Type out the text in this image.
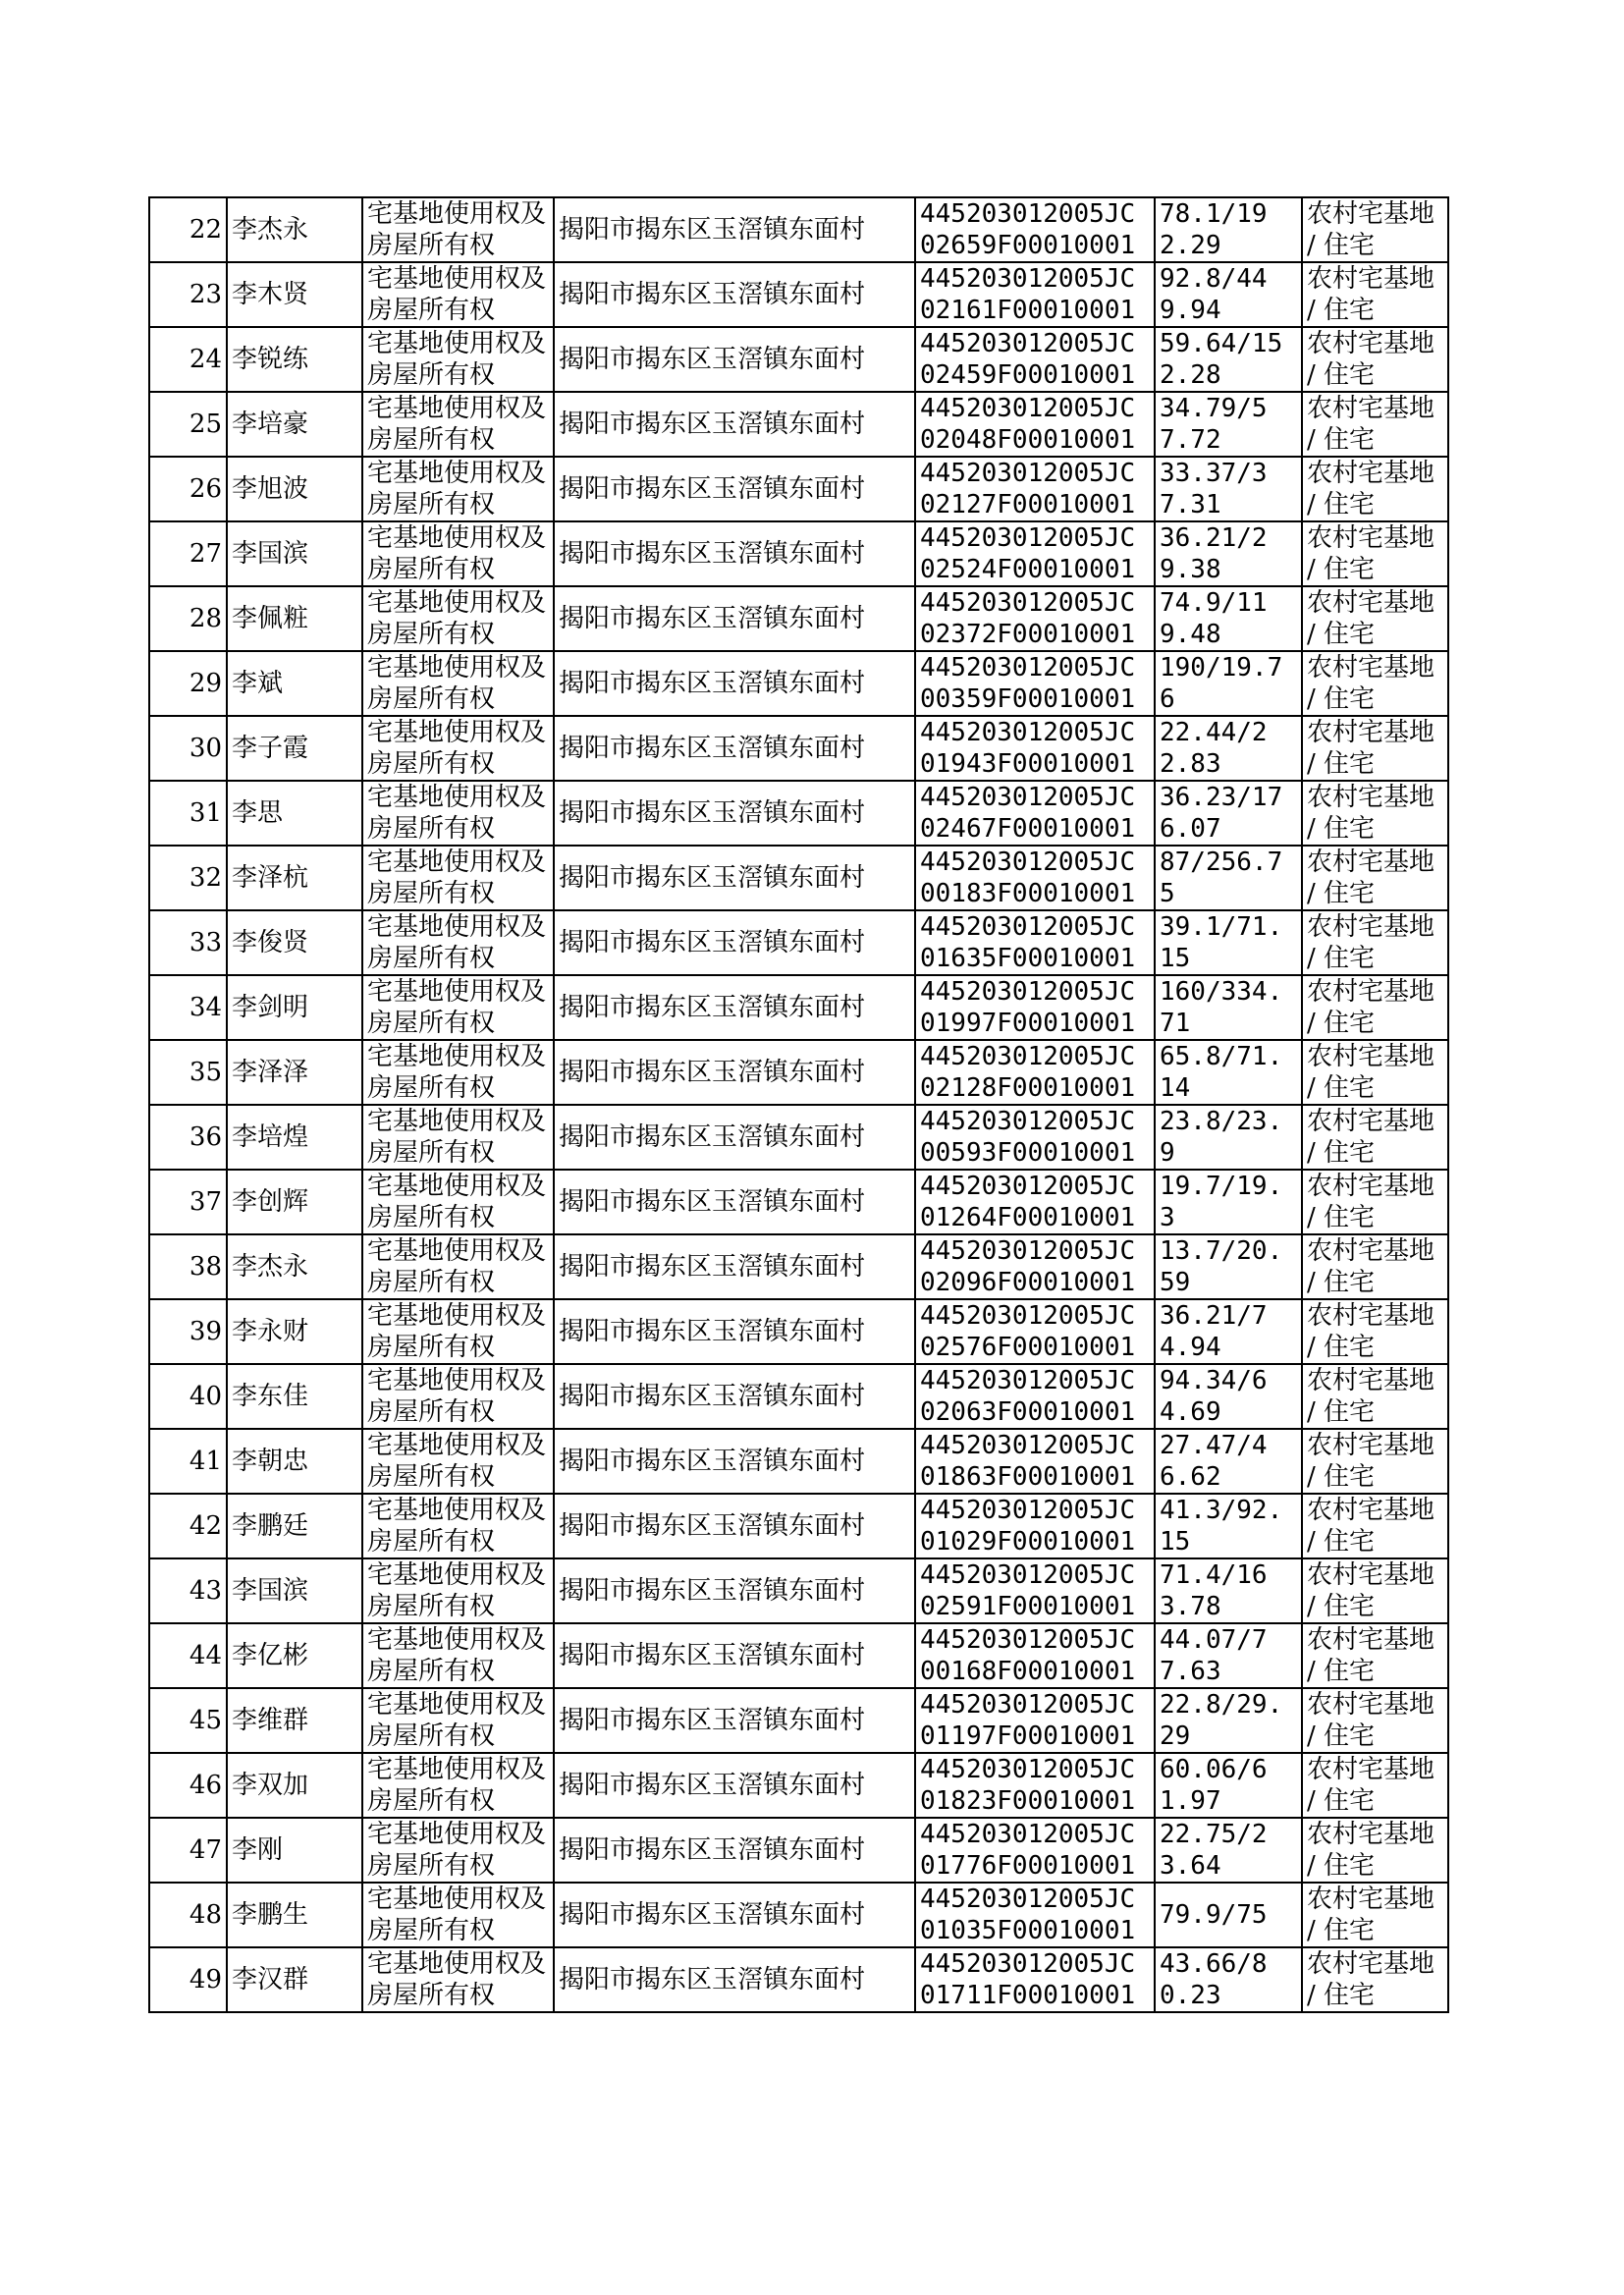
22	李杰永	宅基地使用权及房屋所有权	揭阳市揭东区玉滘镇东面村	445203012005JC02659F00010001	78.1/192.29	农村宅基地 / 住宅
23	李木贤	宅基地使用权及房屋所有权	揭阳市揭东区玉滘镇东面村	445203012005JC02161F00010001	92.8/449.94	农村宅基地 / 住宅
24	李锐练	宅基地使用权及房屋所有权	揭阳市揭东区玉滘镇东面村	445203012005JC02459F00010001	59.64/152.28	农村宅基地 / 住宅
25	李培豪	宅基地使用权及房屋所有权	揭阳市揭东区玉滘镇东面村	445203012005JC02048F00010001	34.79/57.72	农村宅基地 / 住宅
26	李旭波	宅基地使用权及房屋所有权	揭阳市揭东区玉滘镇东面村	445203012005JC02127F00010001	33.37/37.31	农村宅基地 / 住宅
27	李国滨	宅基地使用权及房屋所有权	揭阳市揭东区玉滘镇东面村	445203012005JC02524F00010001	36.21/29.38	农村宅基地 / 住宅
28	李佩粧	宅基地使用权及房屋所有权	揭阳市揭东区玉滘镇东面村	445203012005JC02372F00010001	74.9/119.48	农村宅基地 / 住宅
29	李斌	宅基地使用权及房屋所有权	揭阳市揭东区玉滘镇东面村	445203012005JC00359F00010001	190/19.76	农村宅基地 / 住宅
30	李子霞	宅基地使用权及房屋所有权	揭阳市揭东区玉滘镇东面村	445203012005JC01943F00010001	22.44/22.83	农村宅基地 / 住宅
31	李思	宅基地使用权及房屋所有权	揭阳市揭东区玉滘镇东面村	445203012005JC02467F00010001	36.23/176.07	农村宅基地 / 住宅
32	李泽杭	宅基地使用权及房屋所有权	揭阳市揭东区玉滘镇东面村	445203012005JC00183F00010001	87/256.75	农村宅基地 / 住宅
33	李俊贤	宅基地使用权及房屋所有权	揭阳市揭东区玉滘镇东面村	445203012005JC01635F00010001	39.1/71.15	农村宅基地 / 住宅
34	李剑明	宅基地使用权及房屋所有权	揭阳市揭东区玉滘镇东面村	445203012005JC01997F00010001	160/334.71	农村宅基地 / 住宅
35	李泽泽	宅基地使用权及房屋所有权	揭阳市揭东区玉滘镇东面村	445203012005JC02128F00010001	65.8/71.14	农村宅基地 / 住宅
36	李培煌	宅基地使用权及房屋所有权	揭阳市揭东区玉滘镇东面村	445203012005JC00593F00010001	23.8/23.9	农村宅基地 / 住宅
37	李创辉	宅基地使用权及房屋所有权	揭阳市揭东区玉滘镇东面村	445203012005JC01264F00010001	19.7/19.3	农村宅基地 / 住宅
38	李杰永	宅基地使用权及房屋所有权	揭阳市揭东区玉滘镇东面村	445203012005JC02096F00010001	13.7/20.59	农村宅基地 / 住宅
39	李永财	宅基地使用权及房屋所有权	揭阳市揭东区玉滘镇东面村	445203012005JC02576F00010001	36.21/74.94	农村宅基地 / 住宅
40	李东佳	宅基地使用权及房屋所有权	揭阳市揭东区玉滘镇东面村	445203012005JC02063F00010001	94.34/64.69	农村宅基地 / 住宅
41	李朝忠	宅基地使用权及房屋所有权	揭阳市揭东区玉滘镇东面村	445203012005JC01863F00010001	27.47/46.62	农村宅基地 / 住宅
42	李鹏廷	宅基地使用权及房屋所有权	揭阳市揭东区玉滘镇东面村	445203012005JC01029F00010001	41.3/92.15	农村宅基地 / 住宅
43	李国滨	宅基地使用权及房屋所有权	揭阳市揭东区玉滘镇东面村	445203012005JC02591F00010001	71.4/163.78	农村宅基地 / 住宅
44	李亿彬	宅基地使用权及房屋所有权	揭阳市揭东区玉滘镇东面村	445203012005JC00168F00010001	44.07/77.63	农村宅基地 / 住宅
45	李维群	宅基地使用权及房屋所有权	揭阳市揭东区玉滘镇东面村	445203012005JC01197F00010001	22.8/29.29	农村宅基地 / 住宅
46	李双加	宅基地使用权及房屋所有权	揭阳市揭东区玉滘镇东面村	445203012005JC01823F00010001	60.06/61.97	农村宅基地 / 住宅
47	李刚	宅基地使用权及房屋所有权	揭阳市揭东区玉滘镇东面村	445203012005JC01776F00010001	22.75/23.64	农村宅基地 / 住宅
48	李鹏生	宅基地使用权及房屋所有权	揭阳市揭东区玉滘镇东面村	445203012005JC01035F00010001	79.9/75	农村宅基地 / 住宅
49	李汉群	宅基地使用权及房屋所有权	揭阳市揭东区玉滘镇东面村	445203012005JC01711F00010001	43.66/80.23	农村宅基地 / 住宅
